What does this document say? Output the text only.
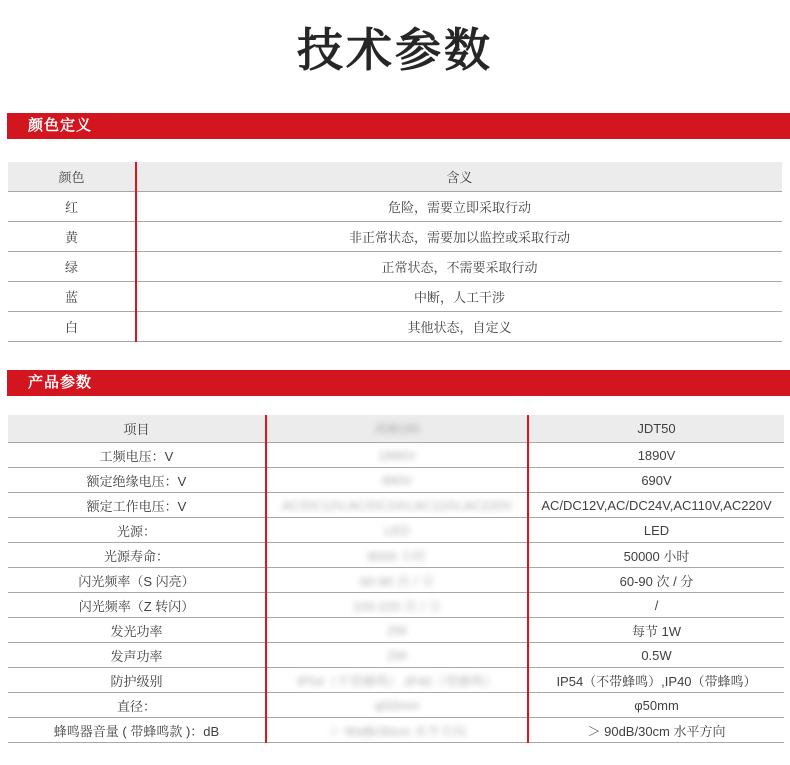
技术参数
颜色定义
颜色	含义
红	危险，需要立即采取行动
黄	非正常状态，需要加以监控或采取行动
绿	正常状态，不需要采取行动
蓝	中断，人工干涉
白	其他状态，自定义
产品参数
项目	JDB180	JDT50
工频电压：V	1890V	1890V
额定绝缘电压：V	690V	690V
额定工作电压：V	AC/DC12V,AC/DC24V,AC110V,AC220V	AC/DC12V,AC/DC24V,AC110V,AC220V
光源：	LED	LED
光源寿命：	8000 小时	50000 小时
闪光频率（S 闪亮）	60-90 次 / 分	60-90 次 / 分
闪光频率（Z 转闪）	100-220 次 / 分	/
发光功率	2W	每节 1W
发声功率	2W	0.5W
防护级别	IP54（不带蜂鸣）,IP40（带蜂鸣）	IP54（不带蜂鸣）,IP40（带蜂鸣）
直径：	φ50mm	φ50mm
蜂鸣器音量 ( 带蜂鸣款 )：dB	＞ 90dB/30cm 水平方向	＞ 90dB/30cm 水平方向
